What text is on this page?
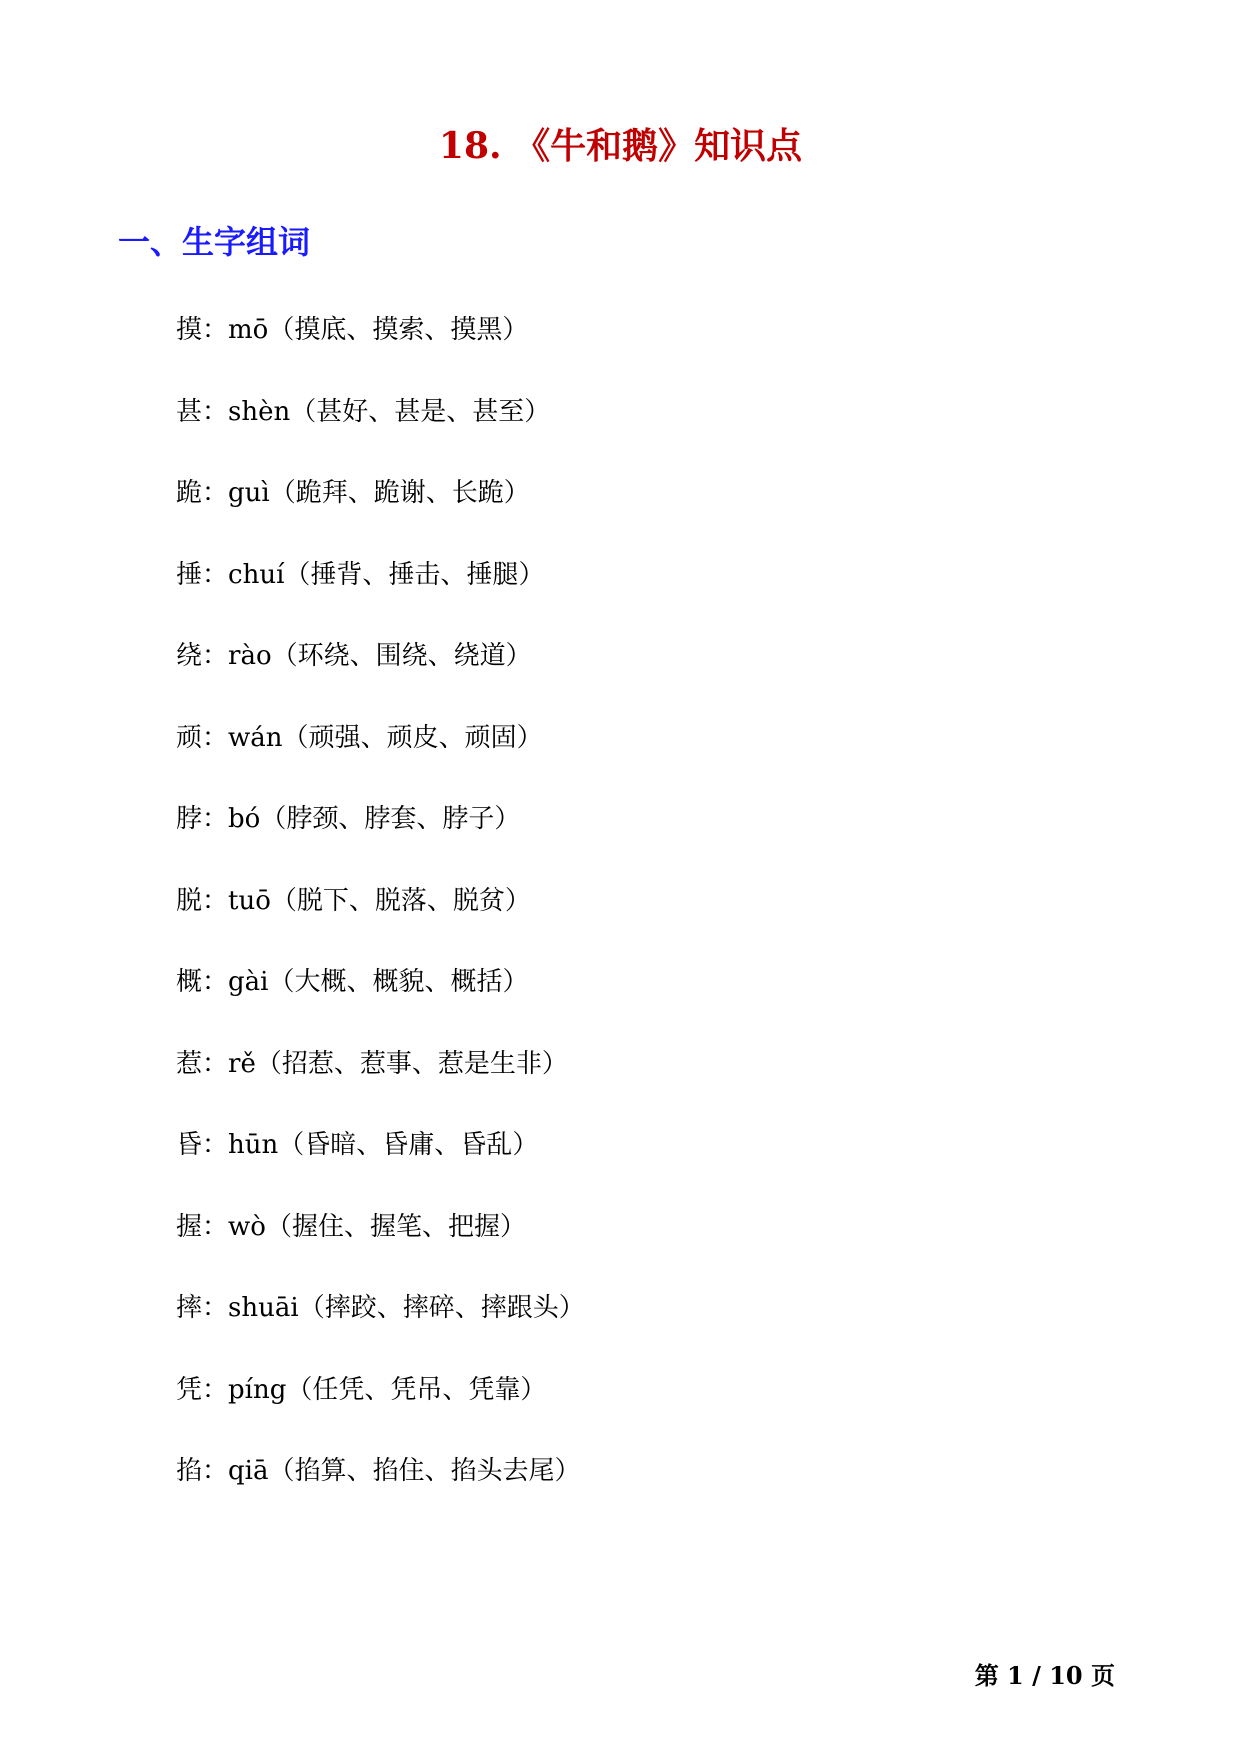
18. 《牛和鹅》知识点
一、生字组词
摸：mō（摸底、摸索、摸黑）
甚：shèn（甚好、甚是、甚至）
跪：guì（跪拜、跪谢、长跪）
捶：chuí（捶背、捶击、捶腿）
绕：rào（环绕、围绕、绕道）
顽：wán（顽强、顽皮、顽固）
脖：bó（脖颈、脖套、脖子）
脱：tuō（脱下、脱落、脱贫）
概：gài（大概、概貌、概括）
惹：rě（招惹、惹事、惹是生非）
昏：hūn（昏暗、昏庸、昏乱）
握：wò（握住、握笔、把握）
摔：shuāi（摔跤、摔碎、摔跟头）
凭：píng（任凭、凭吊、凭靠）
掐：qiā（掐算、掐住、掐头去尾）
第 1 / 10 页
